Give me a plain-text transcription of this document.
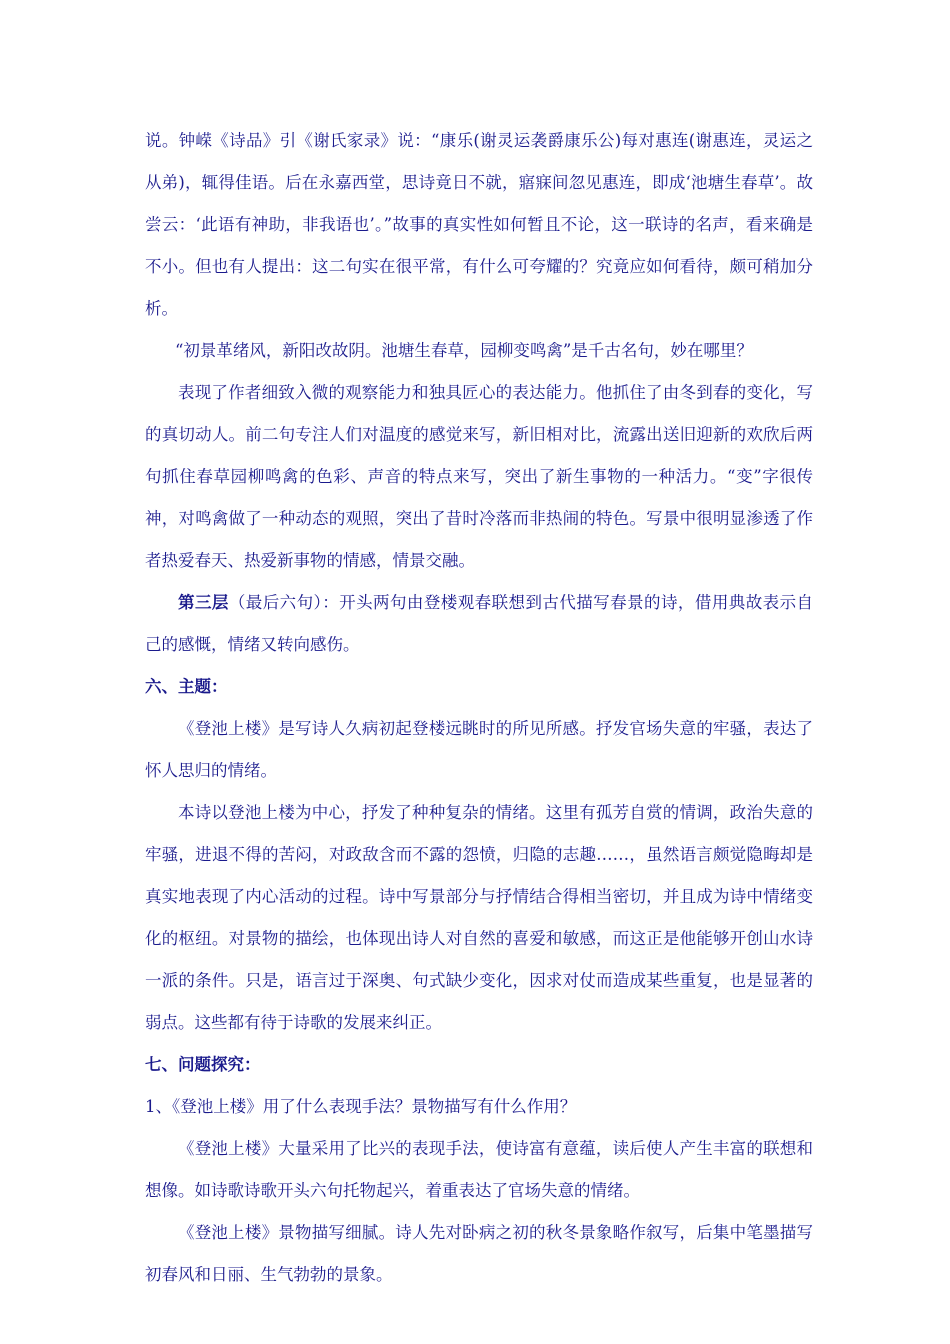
说。钟嵘《诗品》引《谢氏家录》说：“康乐(谢灵运袭爵康乐公)每对惠连(谢惠连，灵运之从弟)，辄得佳语。后在永嘉西堂，思诗竟日不就，寤寐间忽见惠连，即成‘池塘生春草’。故尝云：‘此语有神助，非我语也’。”故事的真实性如何暂且不论，这一联诗的名声，看来确是不小。但也有人提出：这二句实在很平常，有什么可夸耀的？究竟应如何看待，颇可稍加分析。

“初景革绪风，新阳改故阴。池塘生春草，园柳变鸣禽”是千古名句，妙在哪里？

表现了作者细致入微的观察能力和独具匠心的表达能力。他抓住了由冬到春的变化，写的真切动人。前二句专注人们对温度的感觉来写，新旧相对比，流露出送旧迎新的欢欣后两句抓住春草园柳鸣禽的色彩、声音的特点来写，突出了新生事物的一种活力。“变”字很传神，对鸣禽做了一种动态的观照，突出了昔时冷落而非热闹的特色。写景中很明显渗透了作者热爱春天、热爱新事物的情感，情景交融。

第三层（最后六句）：开头两句由登楼观春联想到古代描写春景的诗，借用典故表示自己的感慨，情绪又转向感伤。

六、主题：

《登池上楼》是写诗人久病初起登楼远眺时的所见所感。抒发官场失意的牢骚，表达了怀人思归的情绪。

本诗以登池上楼为中心，抒发了种种复杂的情绪。这里有孤芳自赏的情调，政治失意的牢骚，进退不得的苦闷，对政敌含而不露的怨愤，归隐的志趣……，虽然语言颇觉隐晦却是真实地表现了内心活动的过程。诗中写景部分与抒情结合得相当密切，并且成为诗中情绪变化的枢纽。对景物的描绘，也体现出诗人对自然的喜爱和敏感，而这正是他能够开创山水诗一派的条件。只是，语言过于深奥、句式缺少变化，因求对仗而造成某些重复，也是显著的弱点。这些都有待于诗歌的发展来纠正。

七、问题探究：

1、《登池上楼》用了什么表现手法？景物描写有什么作用？

《登池上楼》大量采用了比兴的表现手法，使诗富有意蕴，读后使人产生丰富的联想和想像。如诗歌诗歌开头六句托物起兴，着重表达了官场失意的情绪。

《登池上楼》景物描写细腻。诗人先对卧病之初的秋冬景象略作叙写，后集中笔墨描写 初春风和日丽、生气勃勃的景象。
